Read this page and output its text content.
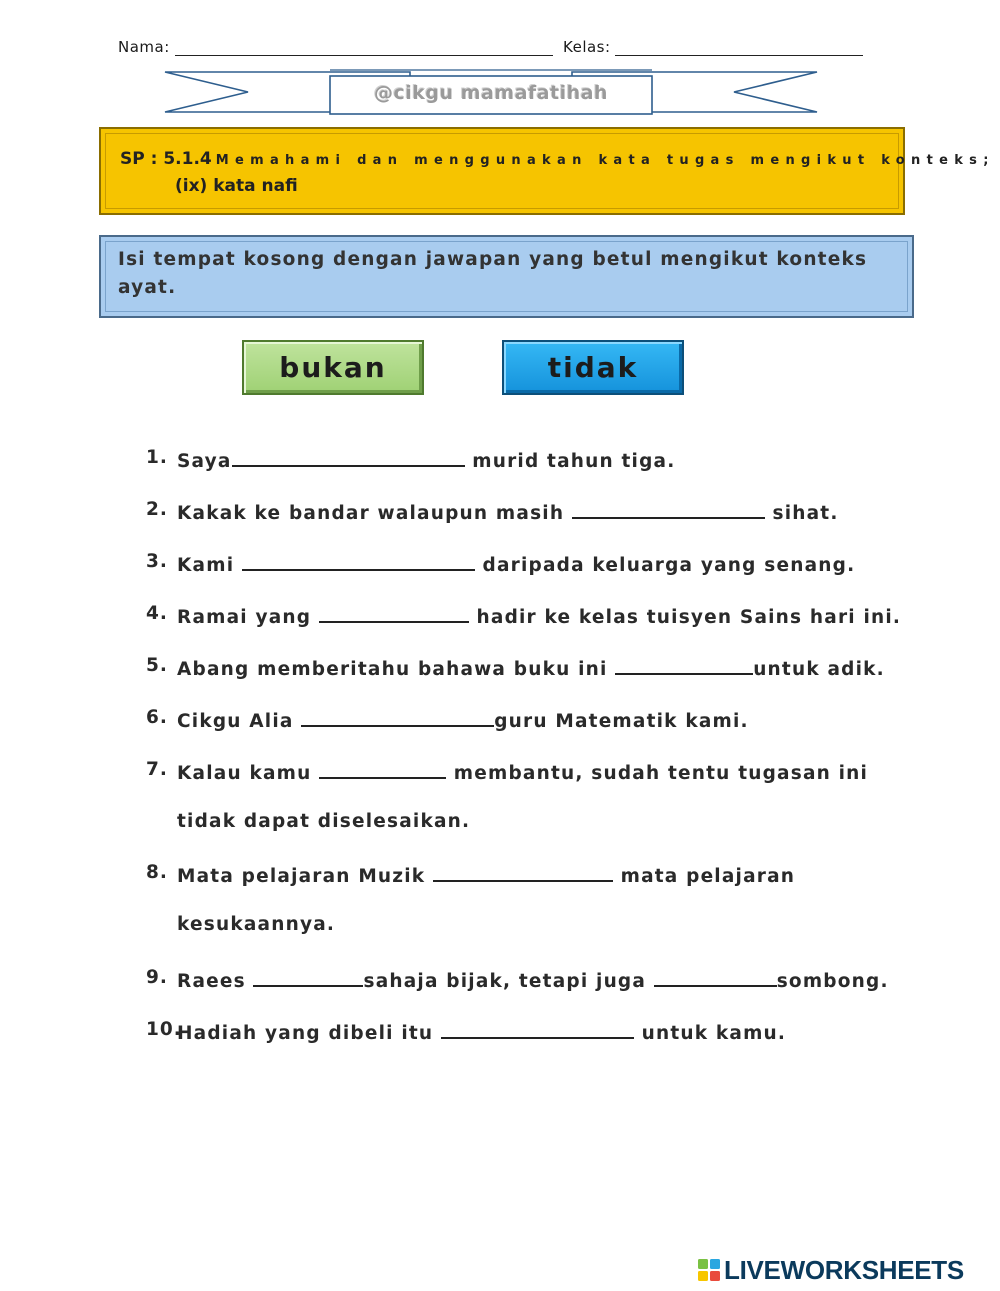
Nama:	Kelas:
@cikgu mamafatihah
SP : 5.1.4 Memahami dan menggunakan kata tugas mengikut konteks;
(ix) kata nafi
Isi tempat kosong dengan jawapan yang betul mengikut konteks ayat.
bukan	tidak
1. Saya	murid tahun tiga.
2. Kakak ke bandar walaupun masih	sihat.
3. Kami	daripada keluarga yang senang.
4. Ramai yang	hadir ke kelas tuisyen Sains hari ini.
5. Abang memberitahu bahawa buku ini	untuk adik.
6. Cikgu Alia	guru Matematik kami.
7. Kalau kamu	membantu, sudah tentu tugasan ini
tidak dapat diselesaikan.
8. Mata pelajaran Muzik	mata pelajaran
kesukaannya.
9. Raees	sahaja bijak, tetapi juga	sombong.
10.
Hadiah yang dibeli itu	untuk kamu.
LIVEWORKSHEETS
